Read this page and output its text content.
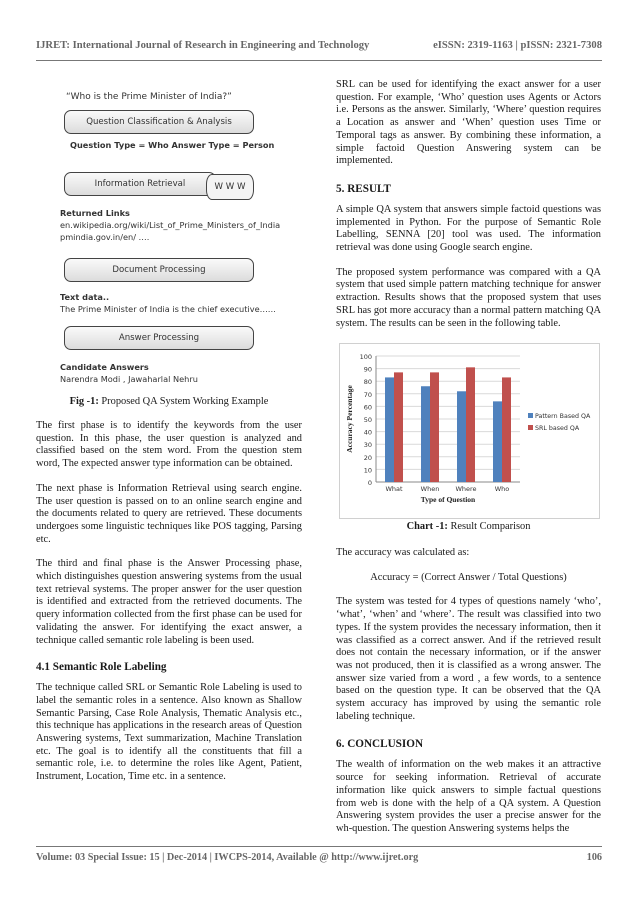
IJRET: International Journal of Research in Engineering and Technology	eISSN: 2319-1163 | pISSN: 2321-7308
“Who is the Prime Minister of India?”
Question Classification & Analysis
Question Type = Who Answer Type = Person
Information Retrieval	W W W
Returned Links
en.wikipedia.org/wiki/List_of_Prime_Ministers_of_India
pmindia.gov.in/en/ ….
Document Processing
Text data..
The Prime Minister of India is the chief executive……
Answer Processing
Candidate Answers
Narendra Modi , Jawaharlal Nehru
Fig -1: Proposed QA System Working Example

The first phase is to identify the keywords from the user question. In this phase, the user question is analyzed and classified based on the stem word. From the question stem word, The expected answer type information can be obtained.

The next phase is Information Retrieval using search engine. The user question is passed on to an online search engine and the documents related to query are retrieved. These documents undergoes some linguistic techniques like POS tagging, Parsing etc.

The third and final phase is the Answer Processing phase, which distinguishes question answering systems from the usual text retrieval systems. The proper answer for the user question is identified and extracted from the retrieved documents. The query information collected from the first phase can be used for validating the answer. For identifying the exact answer, a technique called semantic role labeling is been used.

4.1 Semantic Role Labeling

The technique called SRL or Semantic Role Labeling is used to label the semantic roles in a sentence. Also known as Shallow Semantic Parsing, Case Role Analysis, Thematic Analysis etc., this technique has applications in the research areas of Question Answering systems, Text summarization, Machine Translation etc. The goal is to identify all the constituents that fill a semantic role, i.e. to determine the roles like Agent, Patient, Instrument, Location, Time etc. in a sentence.

SRL can be used for identifying the exact answer for a user question. For example, ‘Who’ question uses Agents or Actors i.e. Persons as the answer. Similarly, ‘Where’ question requires a Location as answer and ‘When’ question uses Time or Temporal tags as answer. By combining these information, a simple factoid Question Answering system can be implemented.

5. RESULT

A simple QA system that answers simple factoid questions was implemented in Python. For the purpose of Semantic Role Labelling, SENNA [20] tool was used. The information retrieval was done using Google search engine.

The proposed system performance was compared with a QA system that used simple pattern matching technique for answer extraction. Results shows that the proposed system that uses SRL has got more accuracy than a normal pattern matching QA system. The results can be seen in the following table.

0
10
20
30
40
50
60
70
80
90
100
What	When Where	Who
Type of Question
Accuracy Percentage	Pattern Based QA
SRL based QA
Chart -1: Result Comparison

The accuracy was calculated as:

Accuracy = (Correct Answer / Total Questions)

The system was tested for 4 types of questions namely ‘who’, ‘what’, ‘when’ and ‘where’. The result was classified into two types. If the system provides the necessary information, then it was classified as a correct answer. And if the retrieved result does not contain the necessary information, or if the answer was not produced, then it is classified as a wrong answer. The answer size varied from a word , a few words, to a sentence based on the question type. It can be observed that the QA system accuracy has improved by using the semantic role labeling technique.

6. CONCLUSION

The wealth of information on the web makes it an attractive source for seeking information. Retrieval of accurate information like quick answers to simple factual questions from web is done with the help of a QA system. A Question Answering system provides the user a precise answer for the wh-question. The question Answering systems helps the

Volume: 03 Special Issue: 15 | Dec-2014 | IWCPS-2014, Available @ http://www.ijret.org	106
